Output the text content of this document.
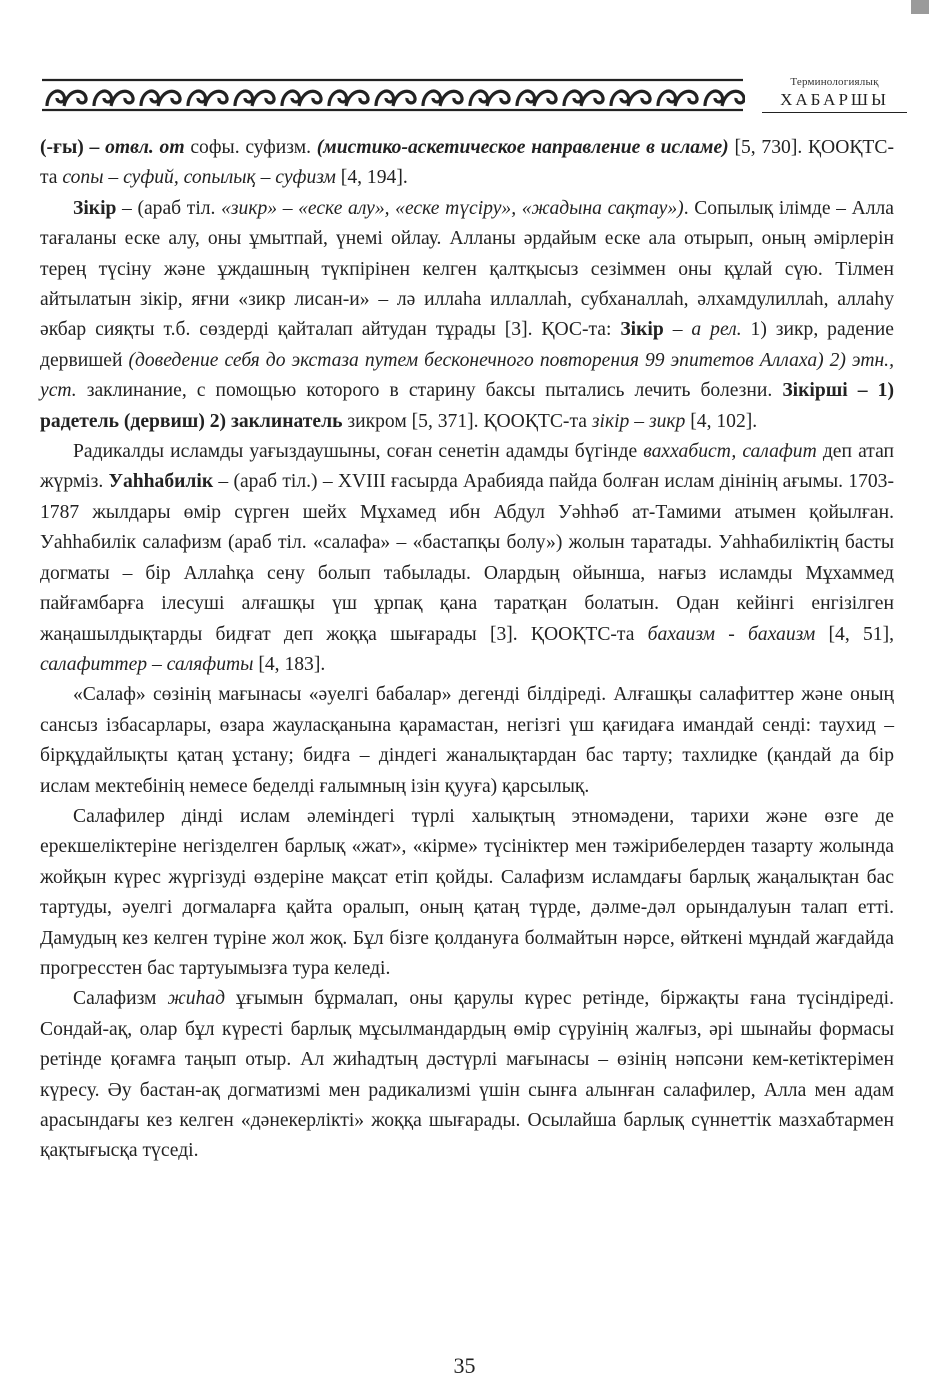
Терминологиялық
ХАБАРШЫ

(-ғы) – отвл. от софы. суфизм. (мистико-аскетическое направление в исламе) [5, 730]. ҚООҚТС-та сопы – суфий, сопылық – суфизм [4, 194].

Зікір – (араб тіл. «зикр» – «еске алу», «еске түсіру», «жадына сақтау»). Сопылық ілімде – Алла тағаланы еске алу, оны ұмытпай, үнемі ойлау. Алланы әрдайым еске ала отырып, оның әмірлерін терең түсіну және ұждашның түкпірінен келген қалтқысыз сезіммен оны құлай сүю. Тілмен айтылатын зікір, яғни «зикр лисан-и» – лә иллаһа иллаллаһ, субханаллаһ, әлхамдулиллаһ, аллаһу әкбар сияқты т.б. сөздерді қайталап айтудан тұрады [3]. ҚОС-та: Зікір – а рел. 1) зикр, радение дервишей (доведение себя до экстаза путем бесконечного повторения 99 эпитетов Аллаха) 2) этн., уст. заклинание, с помощью которого в старину баксы пытались лечить болезни. Зікірші – 1) радетель (дервиш) 2) заклинатель зикром [5, 371]. ҚООҚТС-та зікір – зикр [4, 102].

Радикалды исламды уағыздаушыны, соған сенетін адамды бүгінде ваххабист, салафит деп атап жүрміз. Уаһһабилік – (араб тіл.) – XVIII ғасырда Арабияда пайда болған ислам дінінің ағымы. 1703-1787 жылдары өмір сүрген шейх Мұхамед ибн Абдул Уәһһәб ат-Тамими атымен қойылған. Уаһһабилік салафизм (араб тіл. «салафа» – «бастапқы болу») жолын таратады. Уаһһабиліктің басты догматы – бір Аллаһқа сену болып табылады. Олардың ойынша, нағыз исламды Мұхаммед пайғамбарға ілесуші алғашқы үш ұрпақ қана таратқан болатын. Одан кейінгі енгізілген жаңашылдықтарды бидғат деп жоққа шығарады [3]. ҚООҚТС-та бахаизм - бахаизм [4, 51], салафиттер – саляфиты [4, 183].

«Салаф» сөзінің мағынасы «әуелгі бабалар» дегенді білдіреді. Алғашқы салафиттер және оның сансыз ізбасарлары, өзара жауласқанына қарамастан, негізгі үш қағидаға имандай сенді: таухид – бірқұдайлықты қатаң ұстану; бидға – діндегі жаналықтардан бас тарту; тахлидке (қандай да бір ислам мектебінің немесе беделді ғалымның ізін қууға) қарсылық.

Салафилер дінді ислам әлеміндегі түрлі халықтың этномәдени, тарихи және өзге де ерекшеліктеріне негізделген барлық «жат», «кірме» түсініктер мен тәжірибелерден тазарту жолында жойқын күрес жүргізуді өздеріне мақсат етіп қойды. Салафизм исламдағы барлық жаңалықтан бас тартуды, әуелгі догмаларға қайта оралып, оның қатаң түрде, дәлме-дәл орындалуын талап етті. Дамудың кез келген түріне жол жоқ. Бұл бізге қолдануға болмайтын нәрсе, өйткені мұндай жағдайда прогресстен бас тартуымызға тура келеді.

Салафизм жиһад ұғымын бұрмалап, оны қарулы күрес ретінде, біржақты ғана түсіндіреді. Сондай-ақ, олар бұл күресті барлық мұсылмандардың өмір сүруінің жалғыз, әрі шынайы формасы ретінде қоғамға таңып отыр. Ал жиһадтың дәстүрлі мағынасы – өзінің нәпсәни кем-кетіктерімен күресу. Әу бастан-ақ догматизмі мен радикализмі үшін сынға алынған салафилер, Алла мен адам арасындағы кез келген «дәнекерлікті» жоққа шығарады. Осылайша барлық сүннеттік мазхабтармен қақтығысқа түседі.

35
